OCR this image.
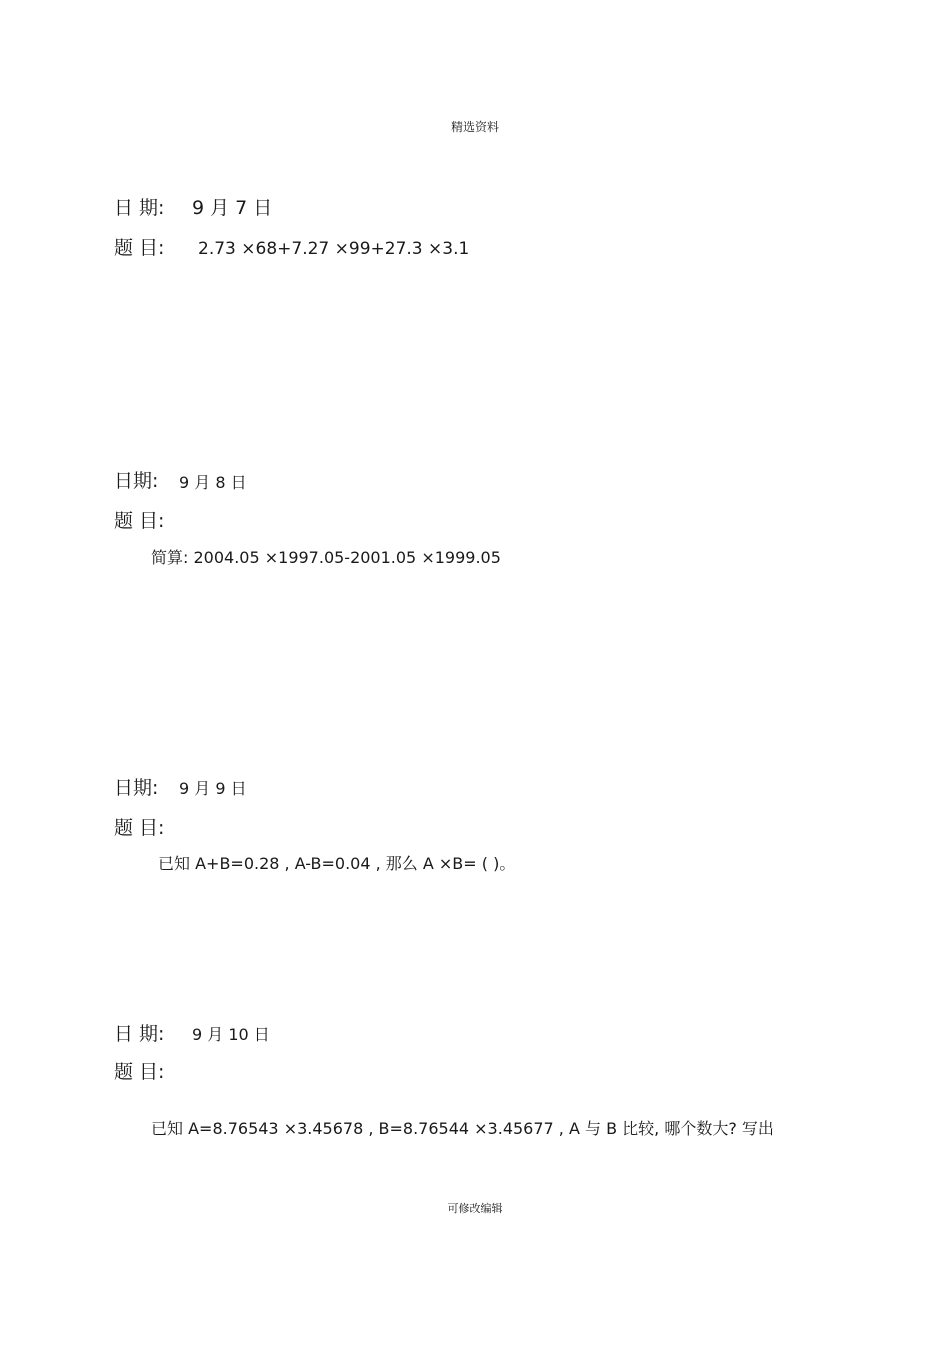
精选资料
日 期: 9 月 7 日
题 目: 2.73 ×68+7.27 ×99+27.3 ×3.1
日期: 9 月 8 日
题 目:
简算: 2004.05 ×1997.05-2001.05 ×1999.05
日期: 9 月 9 日
题 目:
已知 A+B=0.28 , A-B=0.04 , 那么 A ×B= ( )。
日 期: 9 月 10 日
题 目:
已知 A=8.76543 ×3.45678 , B=8.76544 ×3.45677 , A 与 B 比较, 哪个数大? 写出
可修改编辑
